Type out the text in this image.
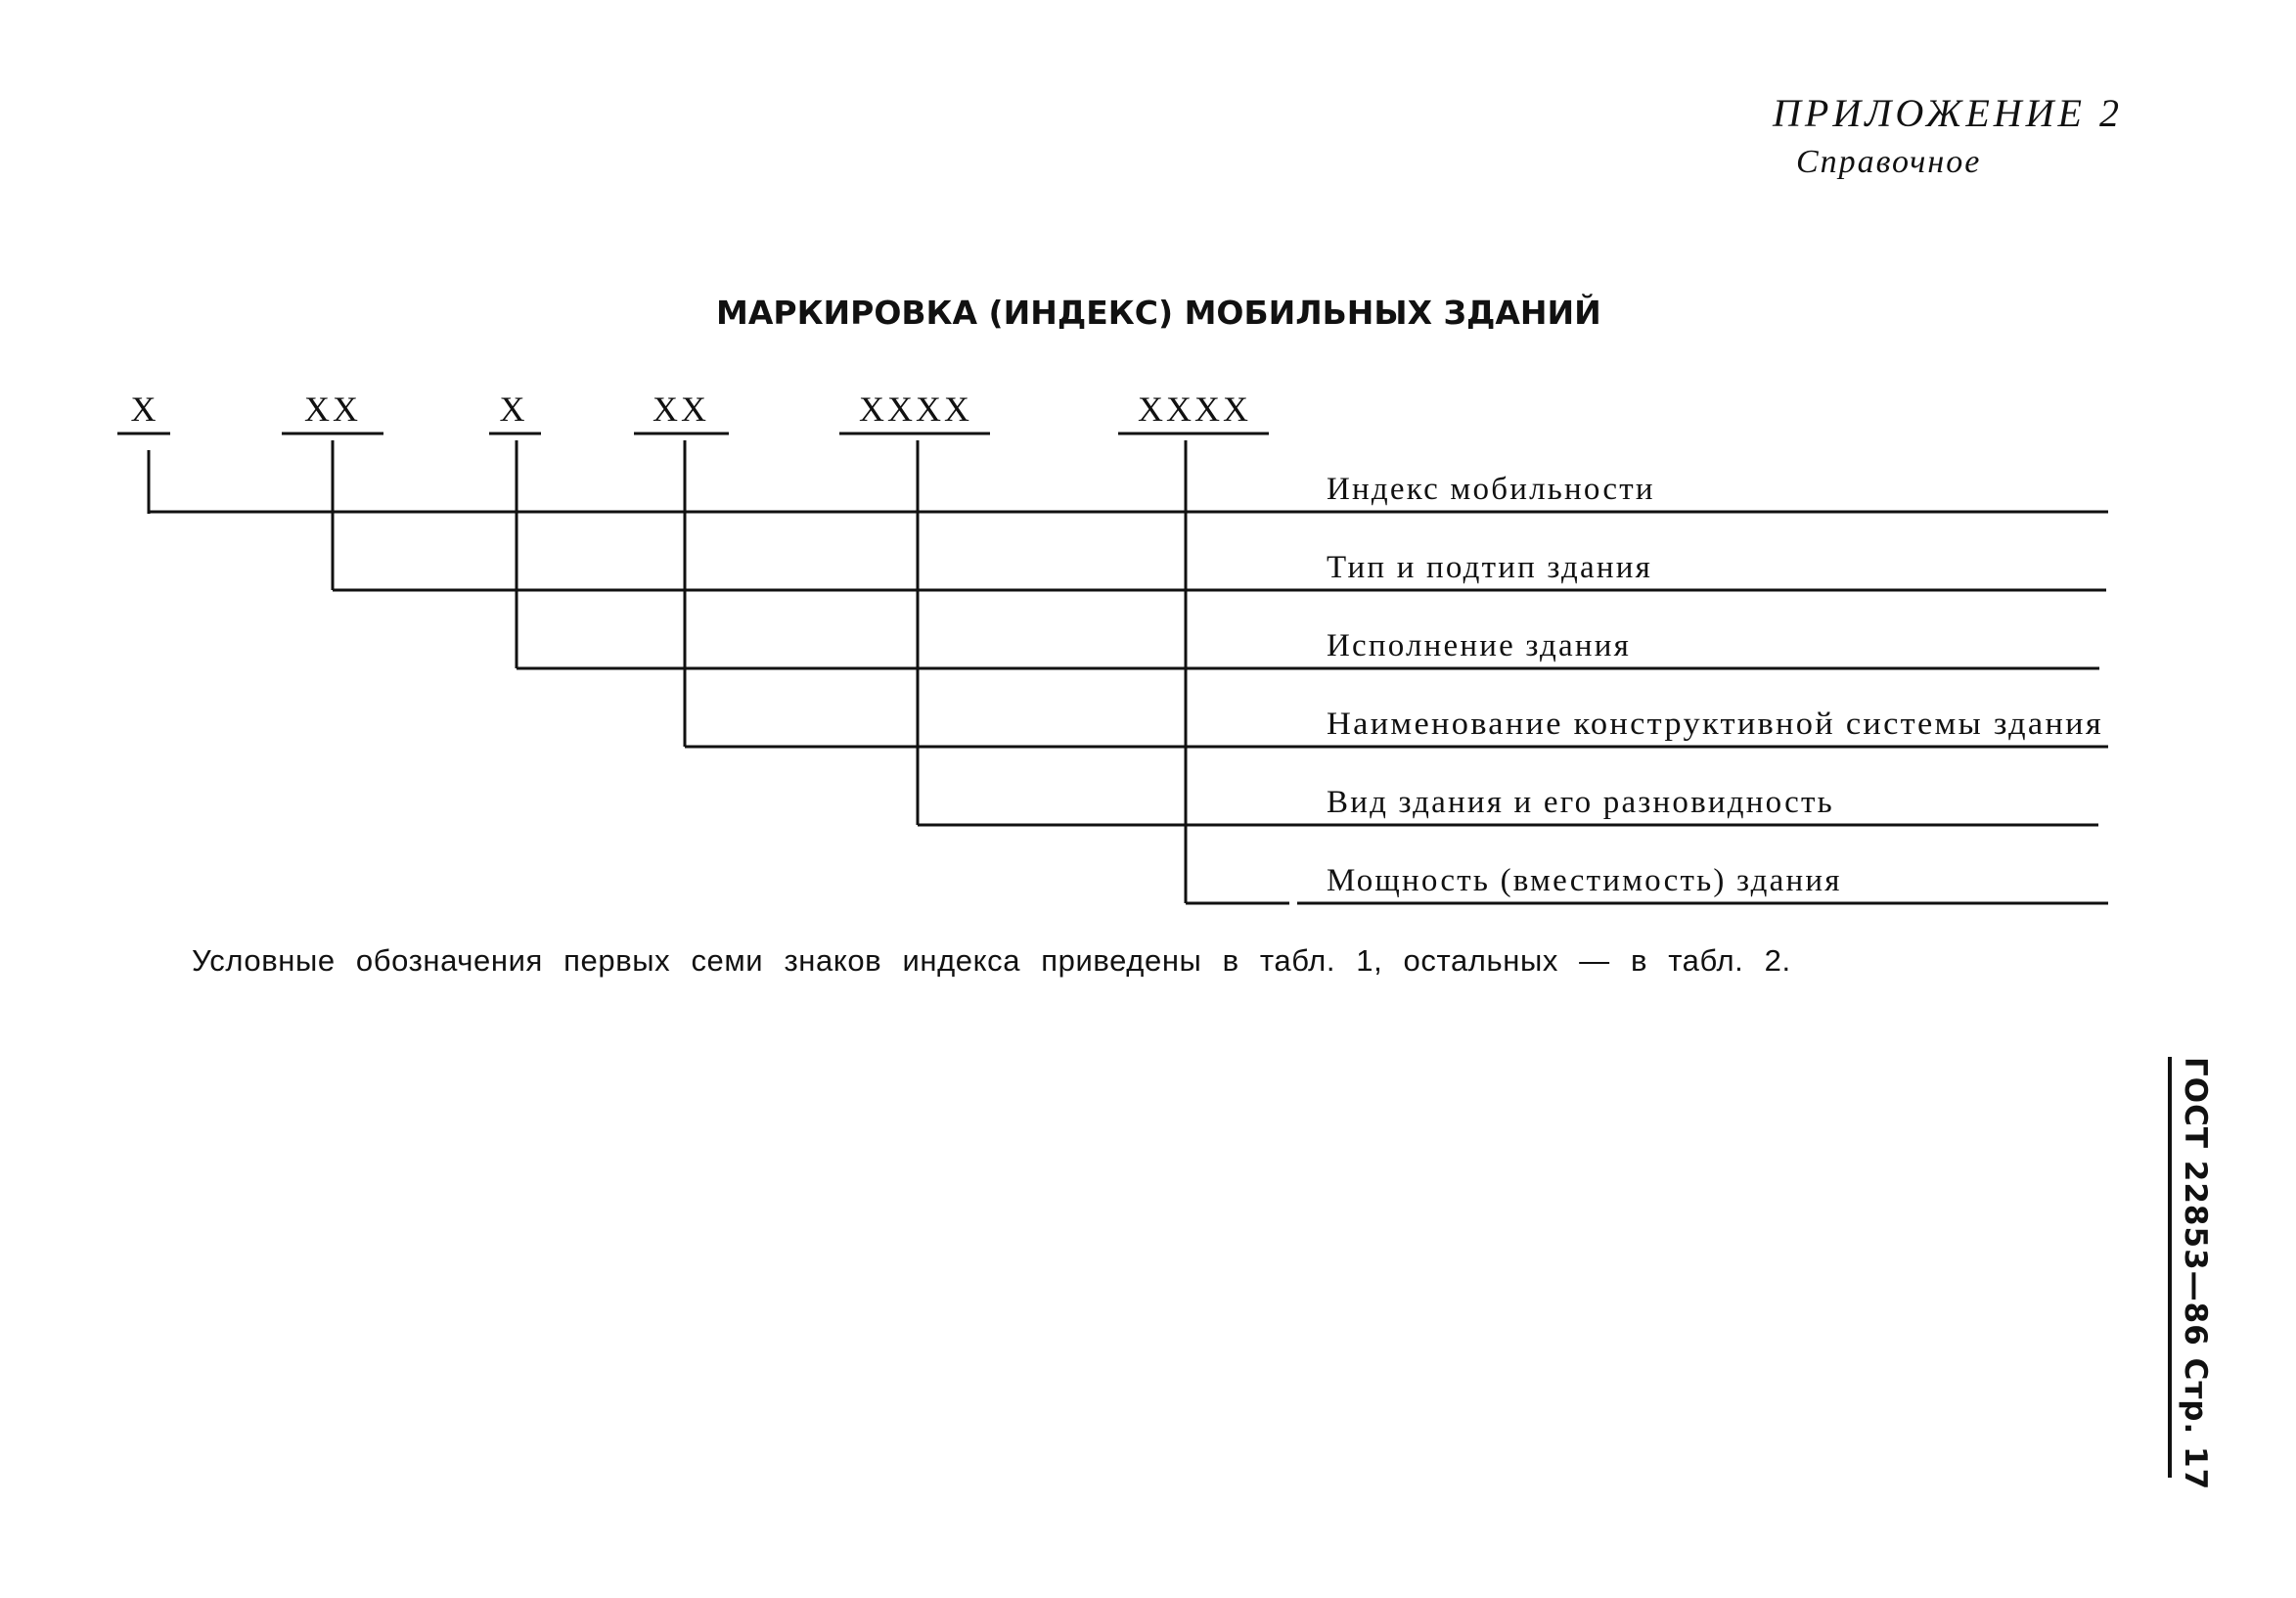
ПРИЛОЖЕНИЕ 2
Справочное
МАРКИРОВКА (ИНДЕКС) МОБИЛЬНЫХ ЗДАНИЙ
X	XX	X	XX	XXXX	XXXX
Индекс мобильности
Тип и подтип здания
Исполнение здания
Наименование конструктивной системы здания
Вид здания и его разновидность
Мощность (вместимость) здания
Условные обозначения первых семи знаков индекса приведены в табл. 1, остальных — в табл. 2.
ГОСТ 22853—86 Стр. 17
